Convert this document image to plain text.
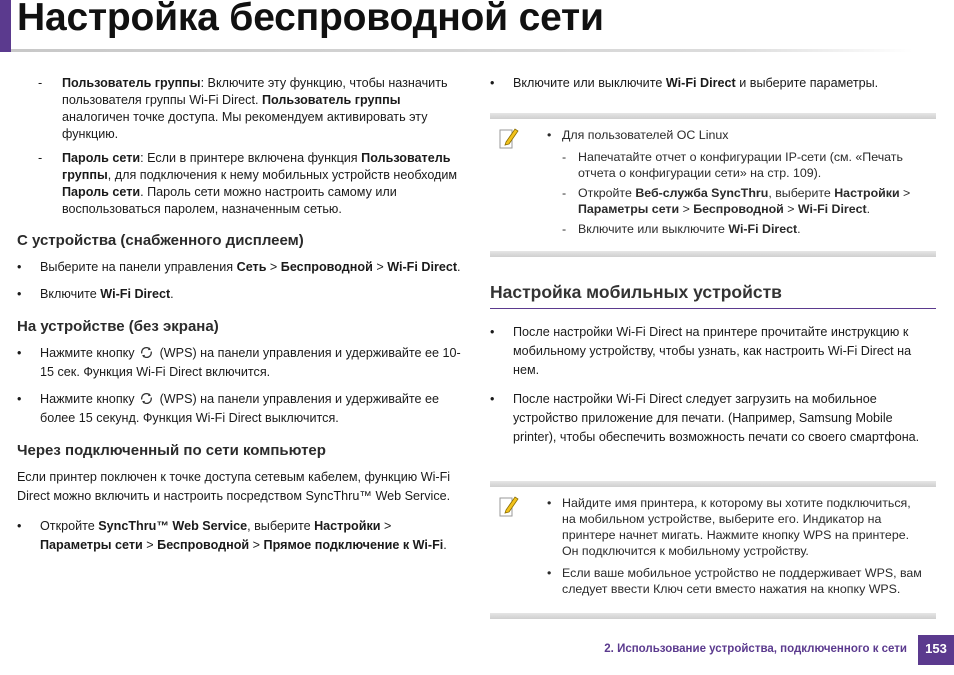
Настройка беспроводной сети
-	Пользователь группы: Включите эту функцию, чтобы назначить пользователя группы Wi-Fi Direct. Пользователь группы аналогичен точке доступа. Мы рекомендуем активировать эту функцию.
-	Пароль сети: Если в принтере включена функция Пользователь группы, для подключения к нему мобильных устройств необходим Пароль сети. Пароль сети можно настроить самому или воспользоваться паролем, назначенным сетью.
С устройства (снабженного дисплеем)
•	Выберите на панели управления Сеть > Беспроводной > Wi-Fi Direct.
•	Включите Wi-Fi Direct.
На устройстве (без экрана)
•	Нажмите кнопку  (WPS) на панели управления и удерживайте ее 10- 15 сек. Функция Wi-Fi Direct включится.
•	Нажмите кнопку  (WPS) на панели управления и удерживайте ее более 15 секунд. Функция Wi-Fi Direct выключится.
Через подключенный по сети компьютер

Если принтер поключен к точке доступа сетевым кабелем, функцию Wi-Fi Direct можно включить и настроить посредством SyncThru™ Web Service.

•	Откройте SyncThru™ Web Service, выберите Настройки > Параметры сети > Беспроводной > Прямое подключение к Wi-Fi.
•	Включите или выключите Wi-Fi Direct и выберите параметры.
• Для пользователей ОС Linux
- Напечатайте отчет о конфигурации IP-сети (см. «Печать отчета о конфигурации сети» на стр. 109).
- Откройте Веб-служба SyncThru, выберите Настройки > Параметры сети > Беспроводной > Wi-Fi Direct.
- Включите или выключите Wi-Fi Direct.
Настройка мобильных устройств
•	После настройки Wi-Fi Direct на принтере прочитайте инструкцию к мобильному устройству, чтобы узнать, как настроить Wi-Fi Direct на нем.
•	После настройки Wi-Fi Direct следует загрузить на мобильное устройство приложение для печати. (Например, Samsung Mobile printer), чтобы обеспечить возможность печати со своего смартфона.
• Найдите имя принтера, к которому вы хотите подключиться, на мобильном устройстве, выберите его. Индикатор на принтере начнет мигать. Нажмите кнопку WPS на принтере. Он подключится к мобильному устройству.
• Если ваше мобильное устройство не поддерживает WPS, вам следует ввести Ключ сети вместо нажатия на кнопку WPS.
2. Использование устройства, подключенного к сети	153
